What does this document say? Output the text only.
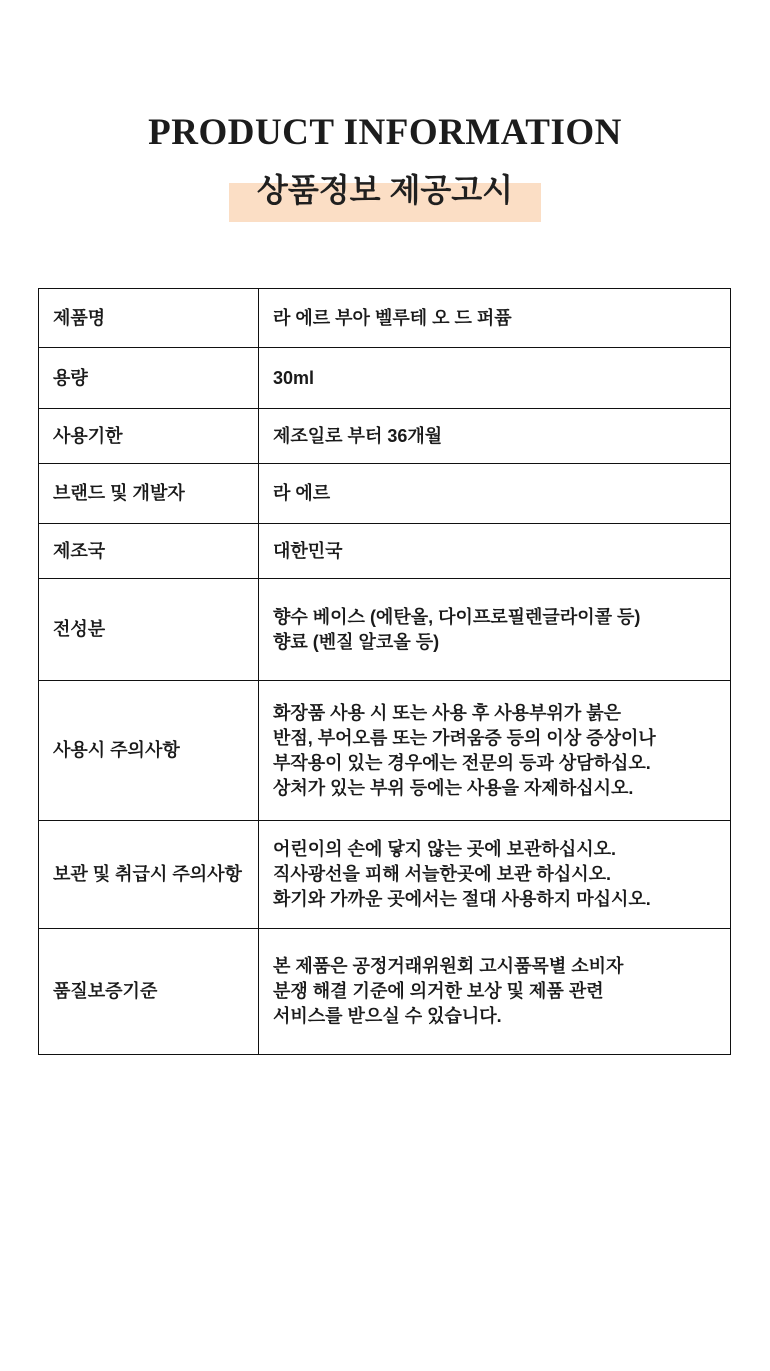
PRODUCT INFORMATION
상품정보 제공고시
제품명	라 에르 부아 벨루테 오 드 퍼퓸

용량	30ml

사용기한	제조일로 부터 36개월

브랜드 및 개발자	라 에르

제조국	대한민국

전성분	향수 베이스 (에탄올, 다이프로필렌글라이콜 등)
향료 (벤질 알코올 등)

사용시 주의사항	화장품 사용 시 또는 사용 후 사용부위가 붉은
반점, 부어오름 또는 가려움증 등의 이상 증상이나
부작용이 있는 경우에는 전문의 등과 상담하십오.
상처가 있는 부위 등에는 사용을 자제하십시오.

보관 및 취급시 주의사항	어린이의 손에 닿지 않는 곳에 보관하십시오.
직사광선을 피해 서늘한곳에 보관 하십시오.
화기와 가까운 곳에서는 절대 사용하지 마십시오.

품질보증기준	본 제품은 공정거래위원회 고시품목별 소비자
분쟁 해결 기준에 의거한 보상 및 제품 관련
서비스를 받으실 수 있습니다.
